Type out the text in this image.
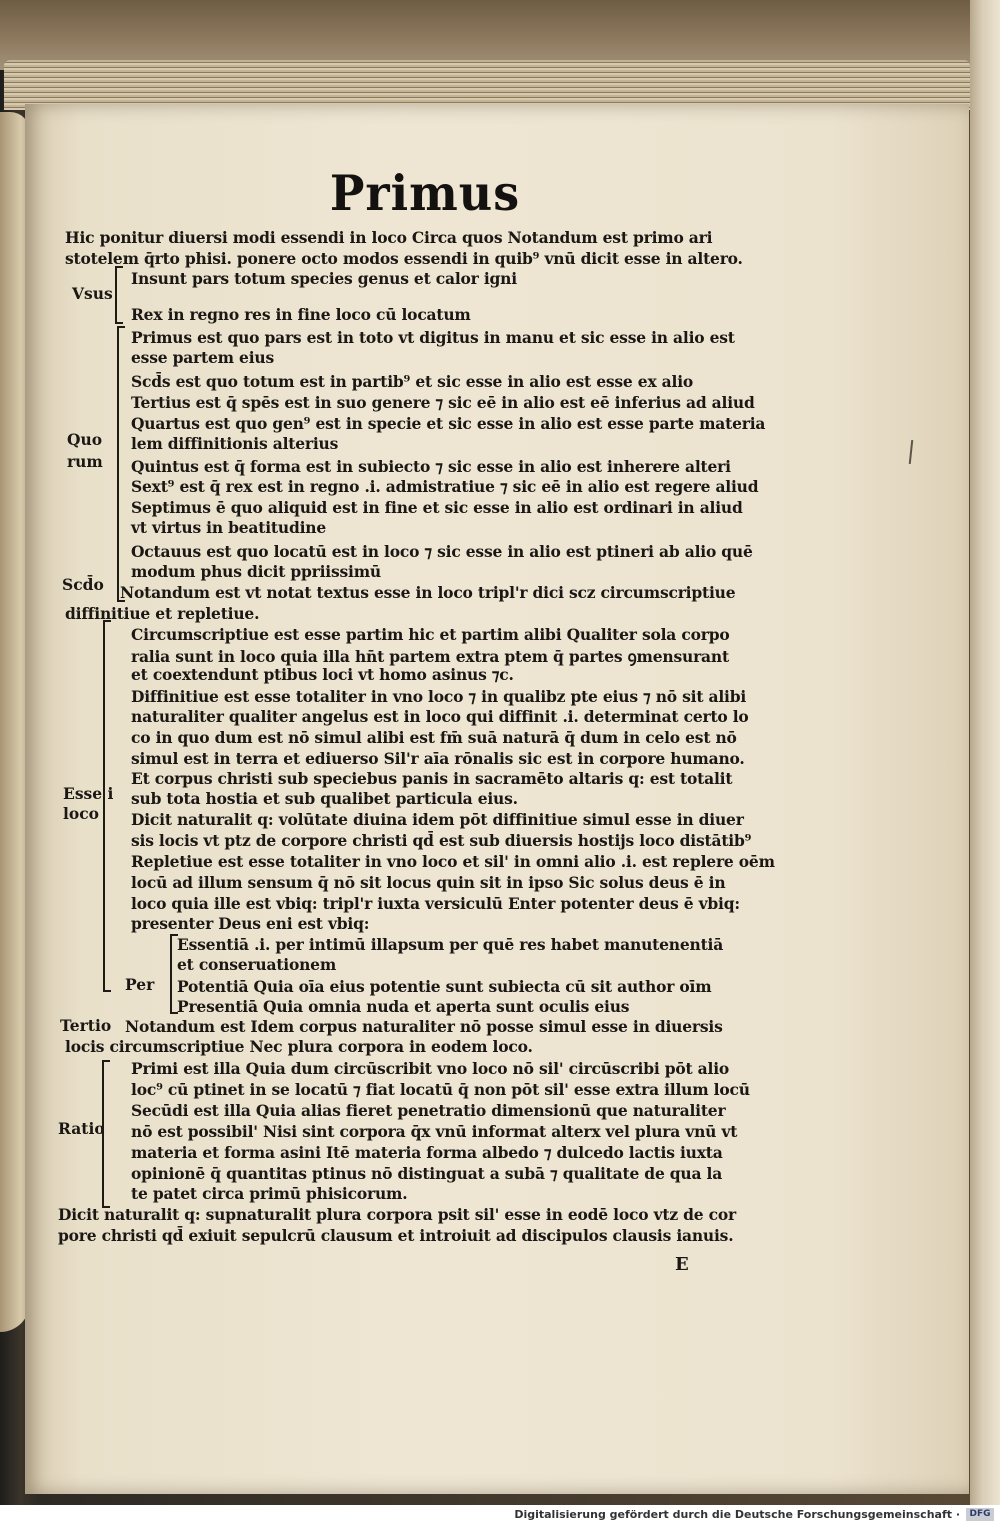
Primus
Vsus
Quo
rum
Scd̄o
Esse i
loco
Per
Tertio
Ratio
Hic ponitur diuersi modi essendi in loco Circa quos Notandum est primo ari
stotelem q̄rto phisi. ponere octo modos essendi in quib⁹ vnū dicit esse in altero.
Insunt pars totum species genus et calor igni
Rex in regno res in fine loco cū locatum
Primus est quo pars est in toto vt digitus in manu et sic esse in alio est
esse partem eius
Scd̄s est quo totum est in partib⁹ et sic esse in alio est esse ex alio
Tertius est q̄ spēs est in suo genere ⁊ sic eē in alio est eē inferius ad aliud
Quartus est quo gen⁹ est in specie et sic esse in alio est esse parte materia
lem diffinitionis alterius
Quintus est q̄ forma est in subiecto ⁊ sic esse in alio est inherere alteri
Sext⁹ est q̄ rex est in regno .i. admistratiue ⁊ sic eē in alio est regere aliud
Septimus ē quo aliquid est in fine et sic esse in alio est ordinari in aliud
vt virtus in beatitudine
Octauus est quo locatū est in loco ⁊ sic esse in alio est ptineri ab alio quē
modum phus dicit ppriissimū
Notandum est vt notat textus esse in loco tripl'r dici scz circumscriptiue
diffinitiue et repletiue.
Circumscriptiue est esse partim hic et partim alibi Qualiter sola corpo
ralia sunt in loco quia illa hn̄t partem extra ptem q̄ partes ꝯmensurant
et coextendunt ptibus loci vt homo asinus ⁊c.
Diffinitiue est esse totaliter in vno loco ⁊ in qualibz pte eius ⁊ nō sit alibi
naturaliter qualiter angelus est in loco qui diffinit .i. determinat certo lo
co in quo dum est nō simul alibi est fm̄ suā naturā q̄ dum in celo est nō
simul est in terra et ediuerso Sil'r aīa rōnalis sic est in corpore humano.
Et corpus christi sub speciebus panis in sacramēto altaris q: est totalit
sub tota hostia et sub qualibet particula eius.
Dicit naturalit q: volūtate diuina idem pōt diffinitiue simul esse in diuer
sis locis vt ptz de corpore christi qd̄ est sub diuersis hostijs loco distātib⁹
Repletiue est esse totaliter in vno loco et sil' in omni alio .i. est replere oēm
locū ad illum sensum q̄ nō sit locus quin sit in ipso Sic solus deus ē in
loco quia ille est vbiq: tripl'r iuxta versiculū Enter potenter deus ē vbiq:
presenter Deus eni est vbiq:
Essentiā .i. per intimū illapsum per quē res habet manutenentiā
et conseruationem
Potentiā Quia oīa eius potentie sunt subiecta cū sit author oīm
Presentiā Quia omnia nuda et aperta sunt oculis eius
Notandum est Idem corpus naturaliter nō posse simul esse in diuersis
locis circumscriptiue Nec plura corpora in eodem loco.
Primi est illa Quia dum circūscribit vno loco nō sil' circūscribi pōt alio
loc⁹ cū ptinet in se locatū ⁊ fiat locatū q̄ non pōt sil' esse extra illum locū
Secūdi est illa Quia alias fieret penetratio dimensionū que naturaliter
nō est possibil' Nisi sint corpora q̄x vnū informat alterx vel plura vnū vt
materia et forma asini Itē materia forma albedo ⁊ dulcedo lactis iuxta
opinionē q̄ quantitas ptinus nō distinguat a subā ⁊ qualitate de qua la
te patet circa primū phisicorum.
Dicit naturalit q: supnaturalit plura corpora psit sil' esse in eodē loco vtz de cor
pore christi qd̄ exiuit sepulcrū clausum et introiuit ad discipulos clausis ianuis.
E
Digitalisierung gefördert durch die Deutsche Forschungsgemeinschaft ·	DFG
